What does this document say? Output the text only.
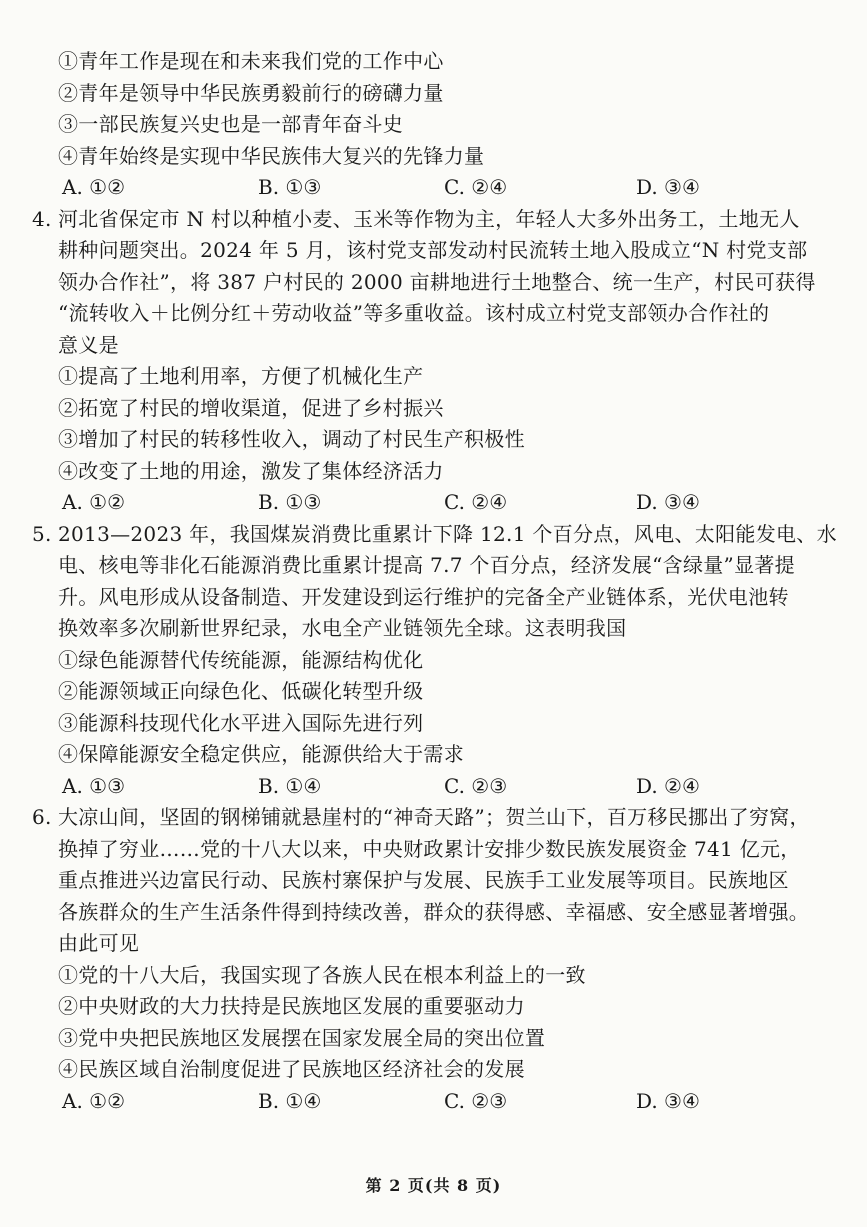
①青年工作是现在和未来我们党的工作中心
②青年是领导中华民族勇毅前行的磅礴力量
③一部民族复兴史也是一部青年奋斗史
④青年始终是实现中华民族伟大复兴的先锋力量
A. ①②	B. ①③	C. ②④	D. ③④
4. 河北省保定市 N 村以种植小麦、玉米等作物为主，年轻人大多外出务工，土地无人
耕种问题突出。2024 年 5 月，该村党支部发动村民流转土地入股成立“N 村党支部
领办合作社”，将 387 户村民的 2000 亩耕地进行土地整合、统一生产，村民可获得
“流转收入＋比例分红＋劳动收益”等多重收益。该村成立村党支部领办合作社的
意义是
①提高了土地利用率，方便了机械化生产
②拓宽了村民的增收渠道，促进了乡村振兴
③增加了村民的转移性收入，调动了村民生产积极性
④改变了土地的用途，激发了集体经济活力
A. ①②	B. ①③	C. ②④	D. ③④
5. 2013—2023 年，我国煤炭消费比重累计下降 12.1 个百分点，风电、太阳能发电、水
电、核电等非化石能源消费比重累计提高 7.7 个百分点，经济发展“含绿量”显著提
升。风电形成从设备制造、开发建设到运行维护的完备全产业链体系，光伏电池转
换效率多次刷新世界纪录，水电全产业链领先全球。这表明我国
①绿色能源替代传统能源，能源结构优化
②能源领域正向绿色化、低碳化转型升级
③能源科技现代化水平进入国际先进行列
④保障能源安全稳定供应，能源供给大于需求
A. ①③	B. ①④	C. ②③	D. ②④
6. 大凉山间，坚固的钢梯铺就悬崖村的“神奇天路”；贺兰山下，百万移民挪出了穷窝，
换掉了穷业……党的十八大以来，中央财政累计安排少数民族发展资金 741 亿元，
重点推进兴边富民行动、民族村寨保护与发展、民族手工业发展等项目。民族地区
各族群众的生产生活条件得到持续改善，群众的获得感、幸福感、安全感显著增强。
由此可见
①党的十八大后，我国实现了各族人民在根本利益上的一致
②中央财政的大力扶持是民族地区发展的重要驱动力
③党中央把民族地区发展摆在国家发展全局的突出位置
④民族区域自治制度促进了民族地区经济社会的发展
A. ①②	B. ①④	C. ②③	D. ③④
第 2 页(共 8 页)
